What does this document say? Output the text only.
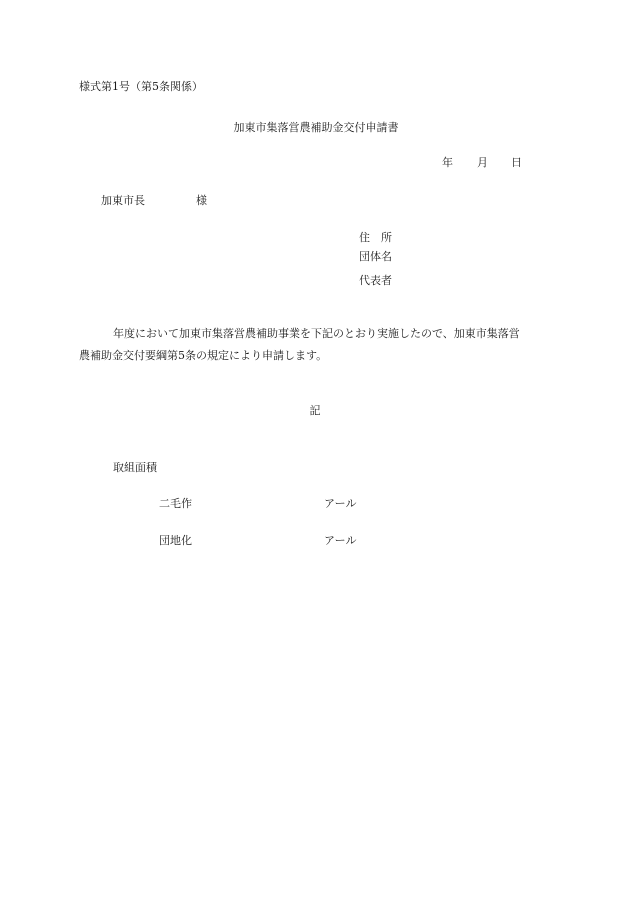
様式第1号（第5条関係）
加東市集落営農補助金交付申請書
年 月 日
加東市長	様
住　所
団体名
代表者
年度において加東市集落営農補助事業を下記のとおり実施したので、加東市集落営
農補助金交付要綱第5条の規定により申請します。
記
取組面積
二毛作	アール
団地化	アール
